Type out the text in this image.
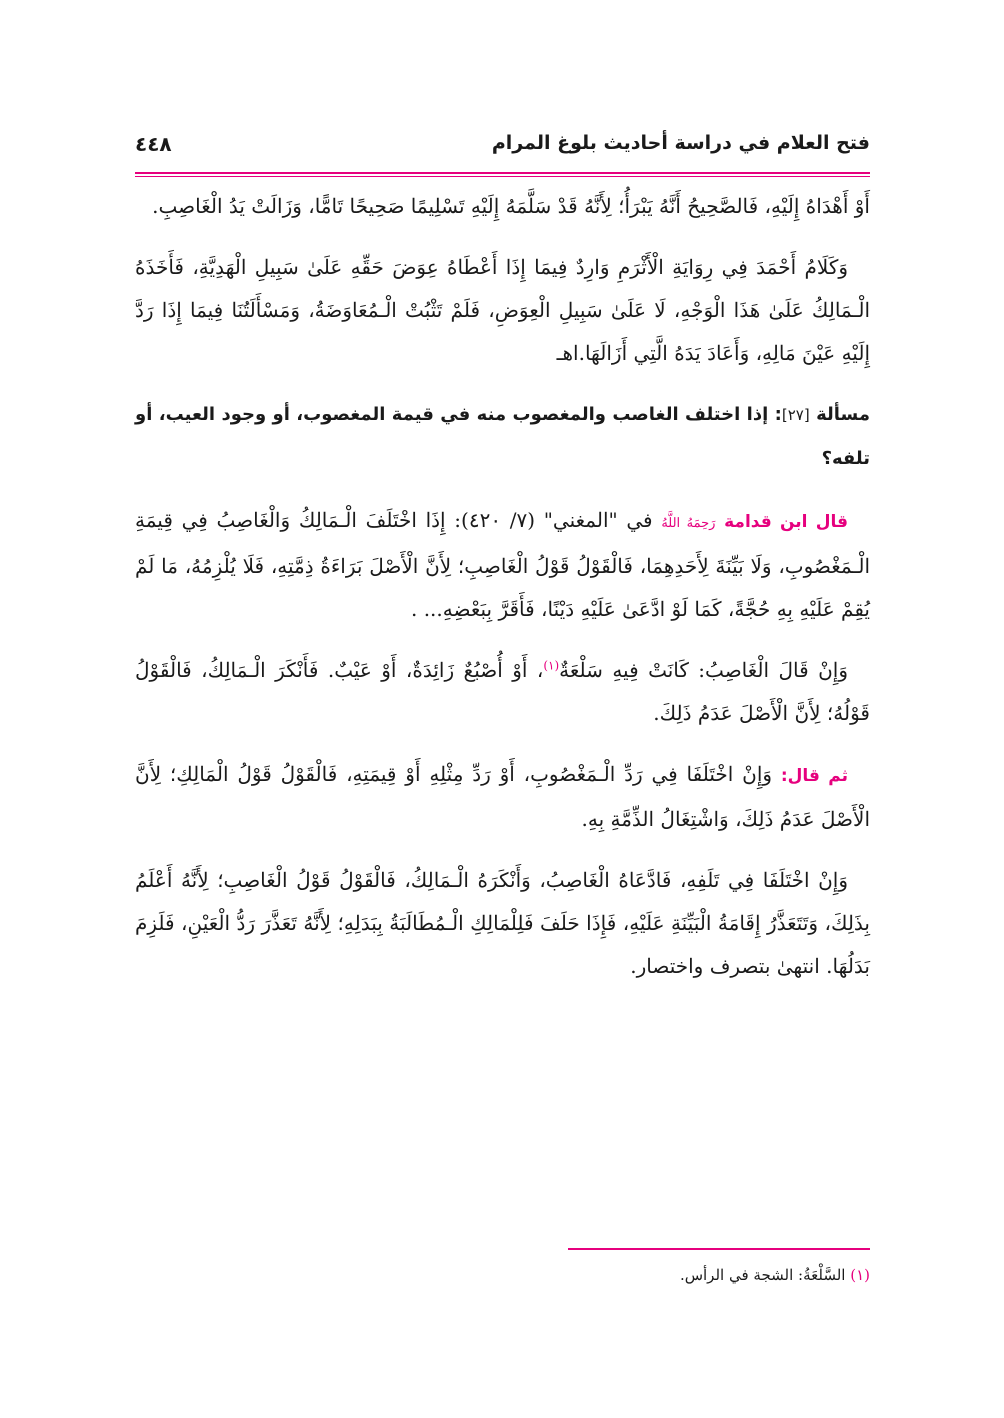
فتح العلام في دراسة أحاديث بلوغ المرام
٤٤٨

أَوْ أَهْدَاهُ إِلَيْهِ، فَالصَّحِيحُ أَنَّهُ يَبْرَأُ؛ لِأَنَّهُ قَدْ سَلَّمَهُ إِلَيْهِ تَسْلِيمًا صَحِيحًا تَامًّا، وَزَالَتْ يَدُ الْغَاصِبِ.

وَكَلَامُ أَحْمَدَ فِي رِوَايَةِ الْأَثْرَمِ وَارِدٌ فِيمَا إِذَا أَعْطَاهُ عِوَضَ حَقِّهِ عَلَىٰ سَبِيلِ الْهَدِيَّةِ، فَأَخَذَهُ الْـمَالِكُ عَلَىٰ هَذَا الْوَجْهِ، لَا عَلَىٰ سَبِيلِ الْعِوَضِ، فَلَمْ تَثْبُتْ الْـمُعَاوَضَةُ، وَمَسْأَلَتُنَا فِيمَا إِذَا رَدَّ إِلَيْهِ عَيْنَ مَالِهِ، وَأَعَادَ يَدَهُ الَّتِي أَزَالَهَا.اهـ

مسألة [٢٧]: إذا اختلف الغاصب والمغصوب منه في قيمة المغصوب، أو وجود العيب، أو تلفه؟

قال ابن قدامة رَحِمَهُ اللَّهُ في "المغني" (٧/ ٤٢٠): إِذَا اخْتَلَفَ الْـمَالِكُ وَالْغَاصِبُ فِي قِيمَةِ الْـمَغْصُوبِ، وَلَا بَيِّنَةَ لِأَحَدِهِمَا، فَالْقَوْلُ قَوْلُ الْغَاصِبِ؛ لِأَنَّ الْأَصْلَ بَرَاءَةُ ذِمَّتِهِ، فَلَا يُلْزِمُهُ، مَا لَمْ يُقِمْ عَلَيْهِ بِهِ حُجَّةً، كَمَا لَوْ ادَّعَىٰ عَلَيْهِ دَيْنًا، فَأَقَرَّ بِبَعْضِهِ... .

وَإِنْ قَالَ الْغَاصِبُ: كَانَتْ فِيهِ سَلْعَةٌ$^{(١)}$، أَوْ أُصْبُعٌ زَائِدَةٌ، أَوْ عَيْبٌ. فَأَنْكَرَ الْـمَالِكُ، فَالْقَوْلُ قَوْلُهُ؛ لِأَنَّ الْأَصْلَ عَدَمُ ذَلِكَ.

ثم قال: وَإِنْ اخْتَلَفَا فِي رَدِّ الْـمَغْصُوبِ، أَوْ رَدِّ مِثْلِهِ أَوْ قِيمَتِهِ، فَالْقَوْلُ قَوْلُ الْمَالِكِ؛ لِأَنَّ الْأَصْلَ عَدَمُ ذَلِكَ، وَاشْتِغَالُ الذِّمَّةِ بِهِ.

وَإِنْ اخْتَلَفَا فِي تَلَفِهِ، فَادَّعَاهُ الْغَاصِبُ، وَأَنْكَرَهُ الْـمَالِكُ، فَالْقَوْلُ قَوْلُ الْغَاصِبِ؛ لِأَنَّهُ أَعْلَمُ بِذَلِكَ، وَتَتَعَذَّرُ إِقَامَةُ الْبَيِّنَةِ عَلَيْهِ، فَإِذَا حَلَفَ فَلِلْمَالِكِ الْـمُطَالَبَةُ بِبَدَلِهِ؛ لِأَنَّهُ تَعَذَّرَ رَدُّ الْعَيْنِ، فَلَزِمَ بَدَلُهَا. انتهىٰ بتصرف واختصار.

(١) السَّلْعَةُ: الشجة في الرأس.
